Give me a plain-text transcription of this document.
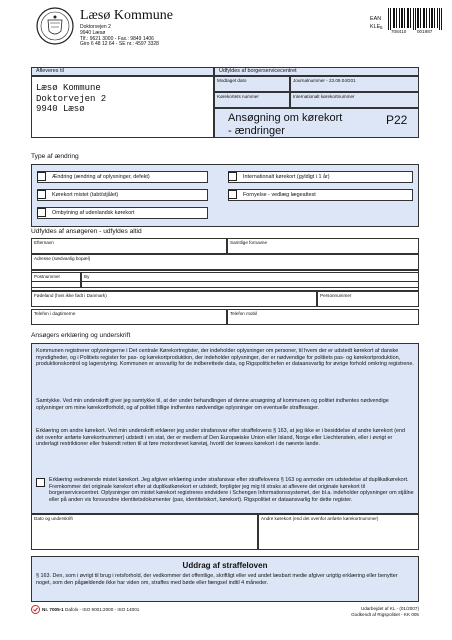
Læsø Kommune
Doktorvejen 2
9940 Læsø
Tlf.: 9621 3000 - Fax.: 9849 1406
Giro 6 48 12 64 - SE nr.: 4597 3328
EAN
KLE 5
708410 001987
Afleveres til
Læsø Kommune
Doktorvejen 2
9940 Læsø
Udfyldes af borgerservicecentret
Modtaget dato	Journalnummer - 23.09.04G01
Kørekortets nummer	Internationalt kørekortnummer
Ansøgning om kørekort
- ændringer
P22
Type af ændring
Ændring (ændring af oplysninger, defekt)	Internationalt kørekort (gyldigt i 1 år)
Kørekort mistet (tabt/stjålet)	Fornyelse - vedlæg lægeattest
Ombytning af udenlandsk kørekort
Udfyldes af ansøgeren - udfyldes altid
Efternavn	Samtlige fornavne
Adresse (sædvanlig bopæl)
Postnummer	By
Fødeland (hvis ikke født i Danmark)	Personnummer
Telefon i dagtimerne	Telefon mobil
Ansøgers erklæring og underskrift
Kommunen registrerer oplysningerne i Det centrale Kørekortregister, der indeholder oplysninger om personer, til hvem der er udstedt kørekort af danske myndigheder, og i Politiets register for pas- og kørekortproduktion, der indeholder oplysninger, der er nødvendige for politiets pas- og kørekortproduktion, produktionskontrol og lagerstyring. Kommunen er ansvarlig for de indberettede data, og Rigspolitichefen er dataansvarlig for øvrige forhold omkring registrene.
Samtykke. Ved min underskrift giver jeg samtykke til, at der under behandlingen af denne ansøgning af kommunen og politiet indhentes nødvendige oplysninger om mine kørekortforhold, og af politiet tillige indhentes nødvendige oplysninger om eventuelle straffesager.
Erklæring om andre kørekort. Ved min underskrift erklærer jeg under strafansvar efter straffelovens § 163, at jeg ikke er i besiddelse af andre kørekort (end det ovenfor anførte kørekortnummer) udstedt i en stat, der er medlem af Den Europæiske Union eller Island, Norge eller Liechtenstein, eller i øvrigt er underlagt restriktioner eller frakendt retten til at føre motordrevet køretøj, hvortil der kræves kørekort i de nævnte lande.
Erklæring vedrørende mistet kørekort. Jeg afgiver erklæring under strafansvar efter straffelovens § 163 og anmoder om udstedelse af duplikatkørekort. Fremkommer det originale kørekort efter at duplikatkørekort er udstedt, forpligter jeg mig til straks at aflevere det originale kørekort til borgerservicecentret. Oplysninger om mistet kørekort registreres endvidere i Schengen Informationssystemet, der bl.a. indeholder oplysninger om stjålne eller på anden vis forsvundne identitetsdokumenter (pas, identitetskort, kørekort). Rigspolitiet er dataansvarlig for dette register.
Dato og underskrift	Andre kørekort (end det ovenfor anførte kørekortnummer)
Uddrag af straffeloven
§ 163. Den, som i øvrigt til brug i retsforhold, der vedkommer det offentlige, skriftligt eller ved andet læsbart medie afgiver urigtig erklæring eller benytter noget, som den pågældende ikke har viden om, straffes med bøde eller fængsel indtil 4 måneder.
Nr. 7005-1 Dafolo - ISO 9001:2000 - ISO 14001	Udarbejdet af KL - (01/2007)
Godkendt af Rigspolitiet - KK 005
